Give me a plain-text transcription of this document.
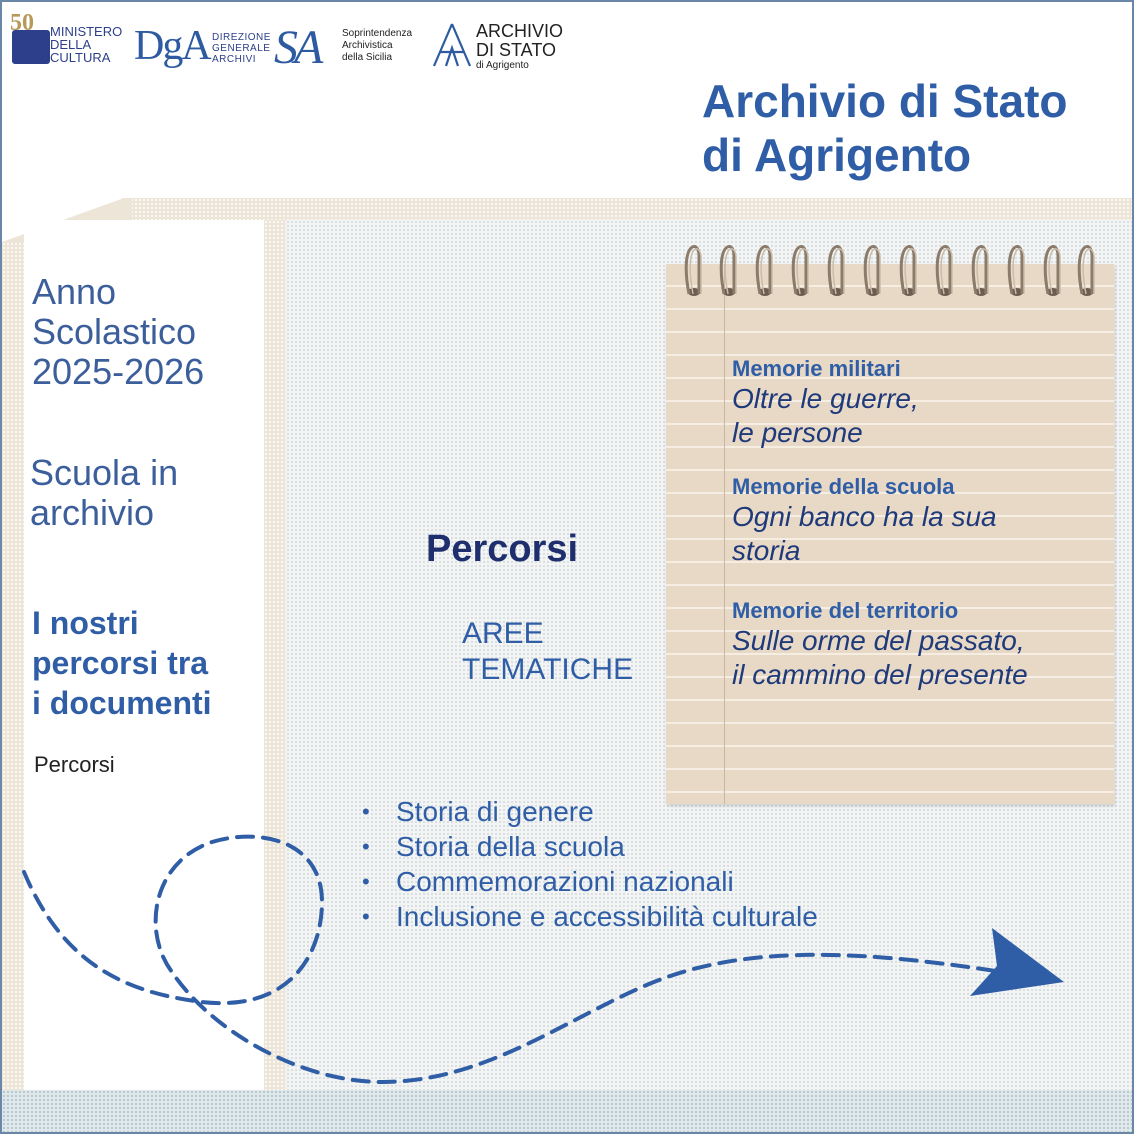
50 MINISTERO
DELLA
CULTURA DgA DIREZIONE
GENERALE
ARCHIVI SA Soprintendenza
Archivistica
della Sicilia
ARCHIVIO
DI STATO
di Agrigento
Archivio di Stato
di Agrigento
Anno
Scolastico
2025-2026
Scuola in
archivio
I nostri
percorsi tra
i documenti
Percorsi
Memorie militari
Oltre le guerre,
le persone
Memorie della scuola
Ogni banco ha la sua
storia
Memorie del territorio
Sulle orme del passato,
il cammino del presente
Percorsi
AREE
TEMATICHE
• Storia di genere
• Storia della scuola
• Commemorazioni nazionali
• Inclusione e accessibilità culturale
